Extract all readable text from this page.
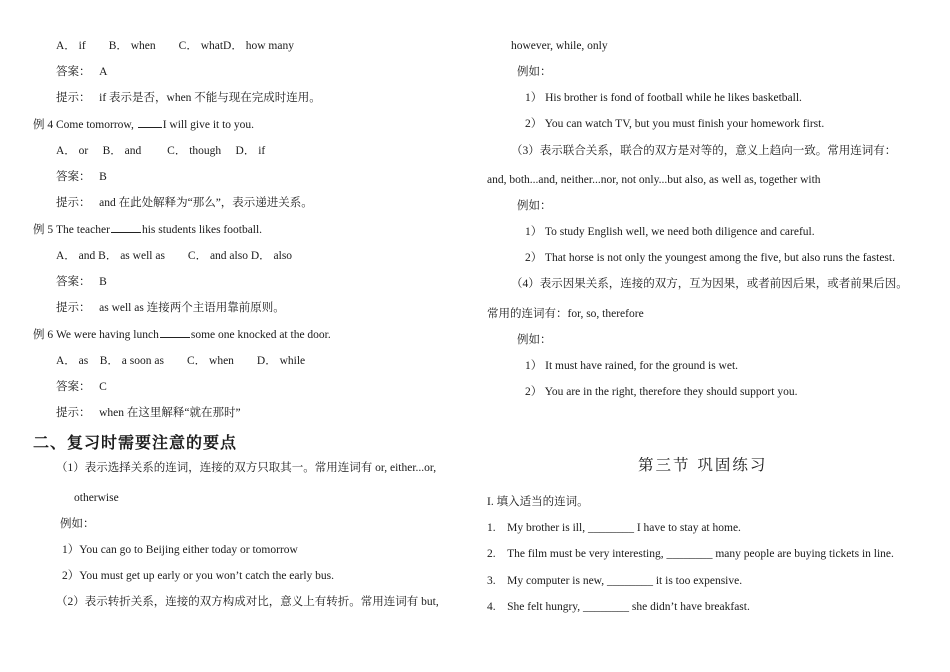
A． if　　B． when　　C． whatD． how many
答案：　 A
提示：　 if 表示是否，when 不能与现在完成时连用。
例 4 Come tomorrow, I will give it to you.
A． or　 B． and　　 C． though　 D． if
答案：　 B
提示：　 and 在此处解释为“那么”，表示递进关系。
例 5 The teacher	his students likes football.
A． and B． as well as　　C． and also D． also
答案：　 B
提示：　 as well as 连接两个主语用靠前原则。
例 6 We were having lunch	some one knocked at the door.
A． as　B． a soon as　　C． when　　D． while
答案：　 C
提示：　 when 在这里解释“就在那时”
二、复习时需要注意的要点
（1）表示选择关系的连词，连接的双方只取其一。常用连词有 or, either...or,
otherwise
例如：
1）You can go to Beijing either today or tomorrow
2）You must get up early or you won’t catch the early bus.
（2）表示转折关系，连接的双方构成对比，意义上有转折。常用连词有 but,
however, while, only
例如：
1） His brother is fond of football while he likes basketball.
2） You can watch TV, but you must finish your homework first.
（3）表示联合关系，联合的双方是对等的，意义上趋向一致。常用连词有：
and, both...and, neither...nor, not only...but also, as well as, together with
例如：
1） To study English well, we need both diligence and careful.
2） That horse is not only the youngest among the five, but also runs the fastest.
（4）表示因果关系，连接的双方，互为因果，或者前因后果，或者前果后因。
常用的连词有：for, so, therefore
例如：
1） It must have rained, for the ground is wet.
2） You are in the right, therefore they should support you.
第三节 巩固练习
I. 填入适当的连词。
1.　My brother is ill, ________ I have to stay at home.
2.　The film must be very interesting, ________ many people are buying tickets in line.
3.　My computer is new, ________ it is too expensive.
4.　She felt hungry, ________ she didn’t have breakfast.
